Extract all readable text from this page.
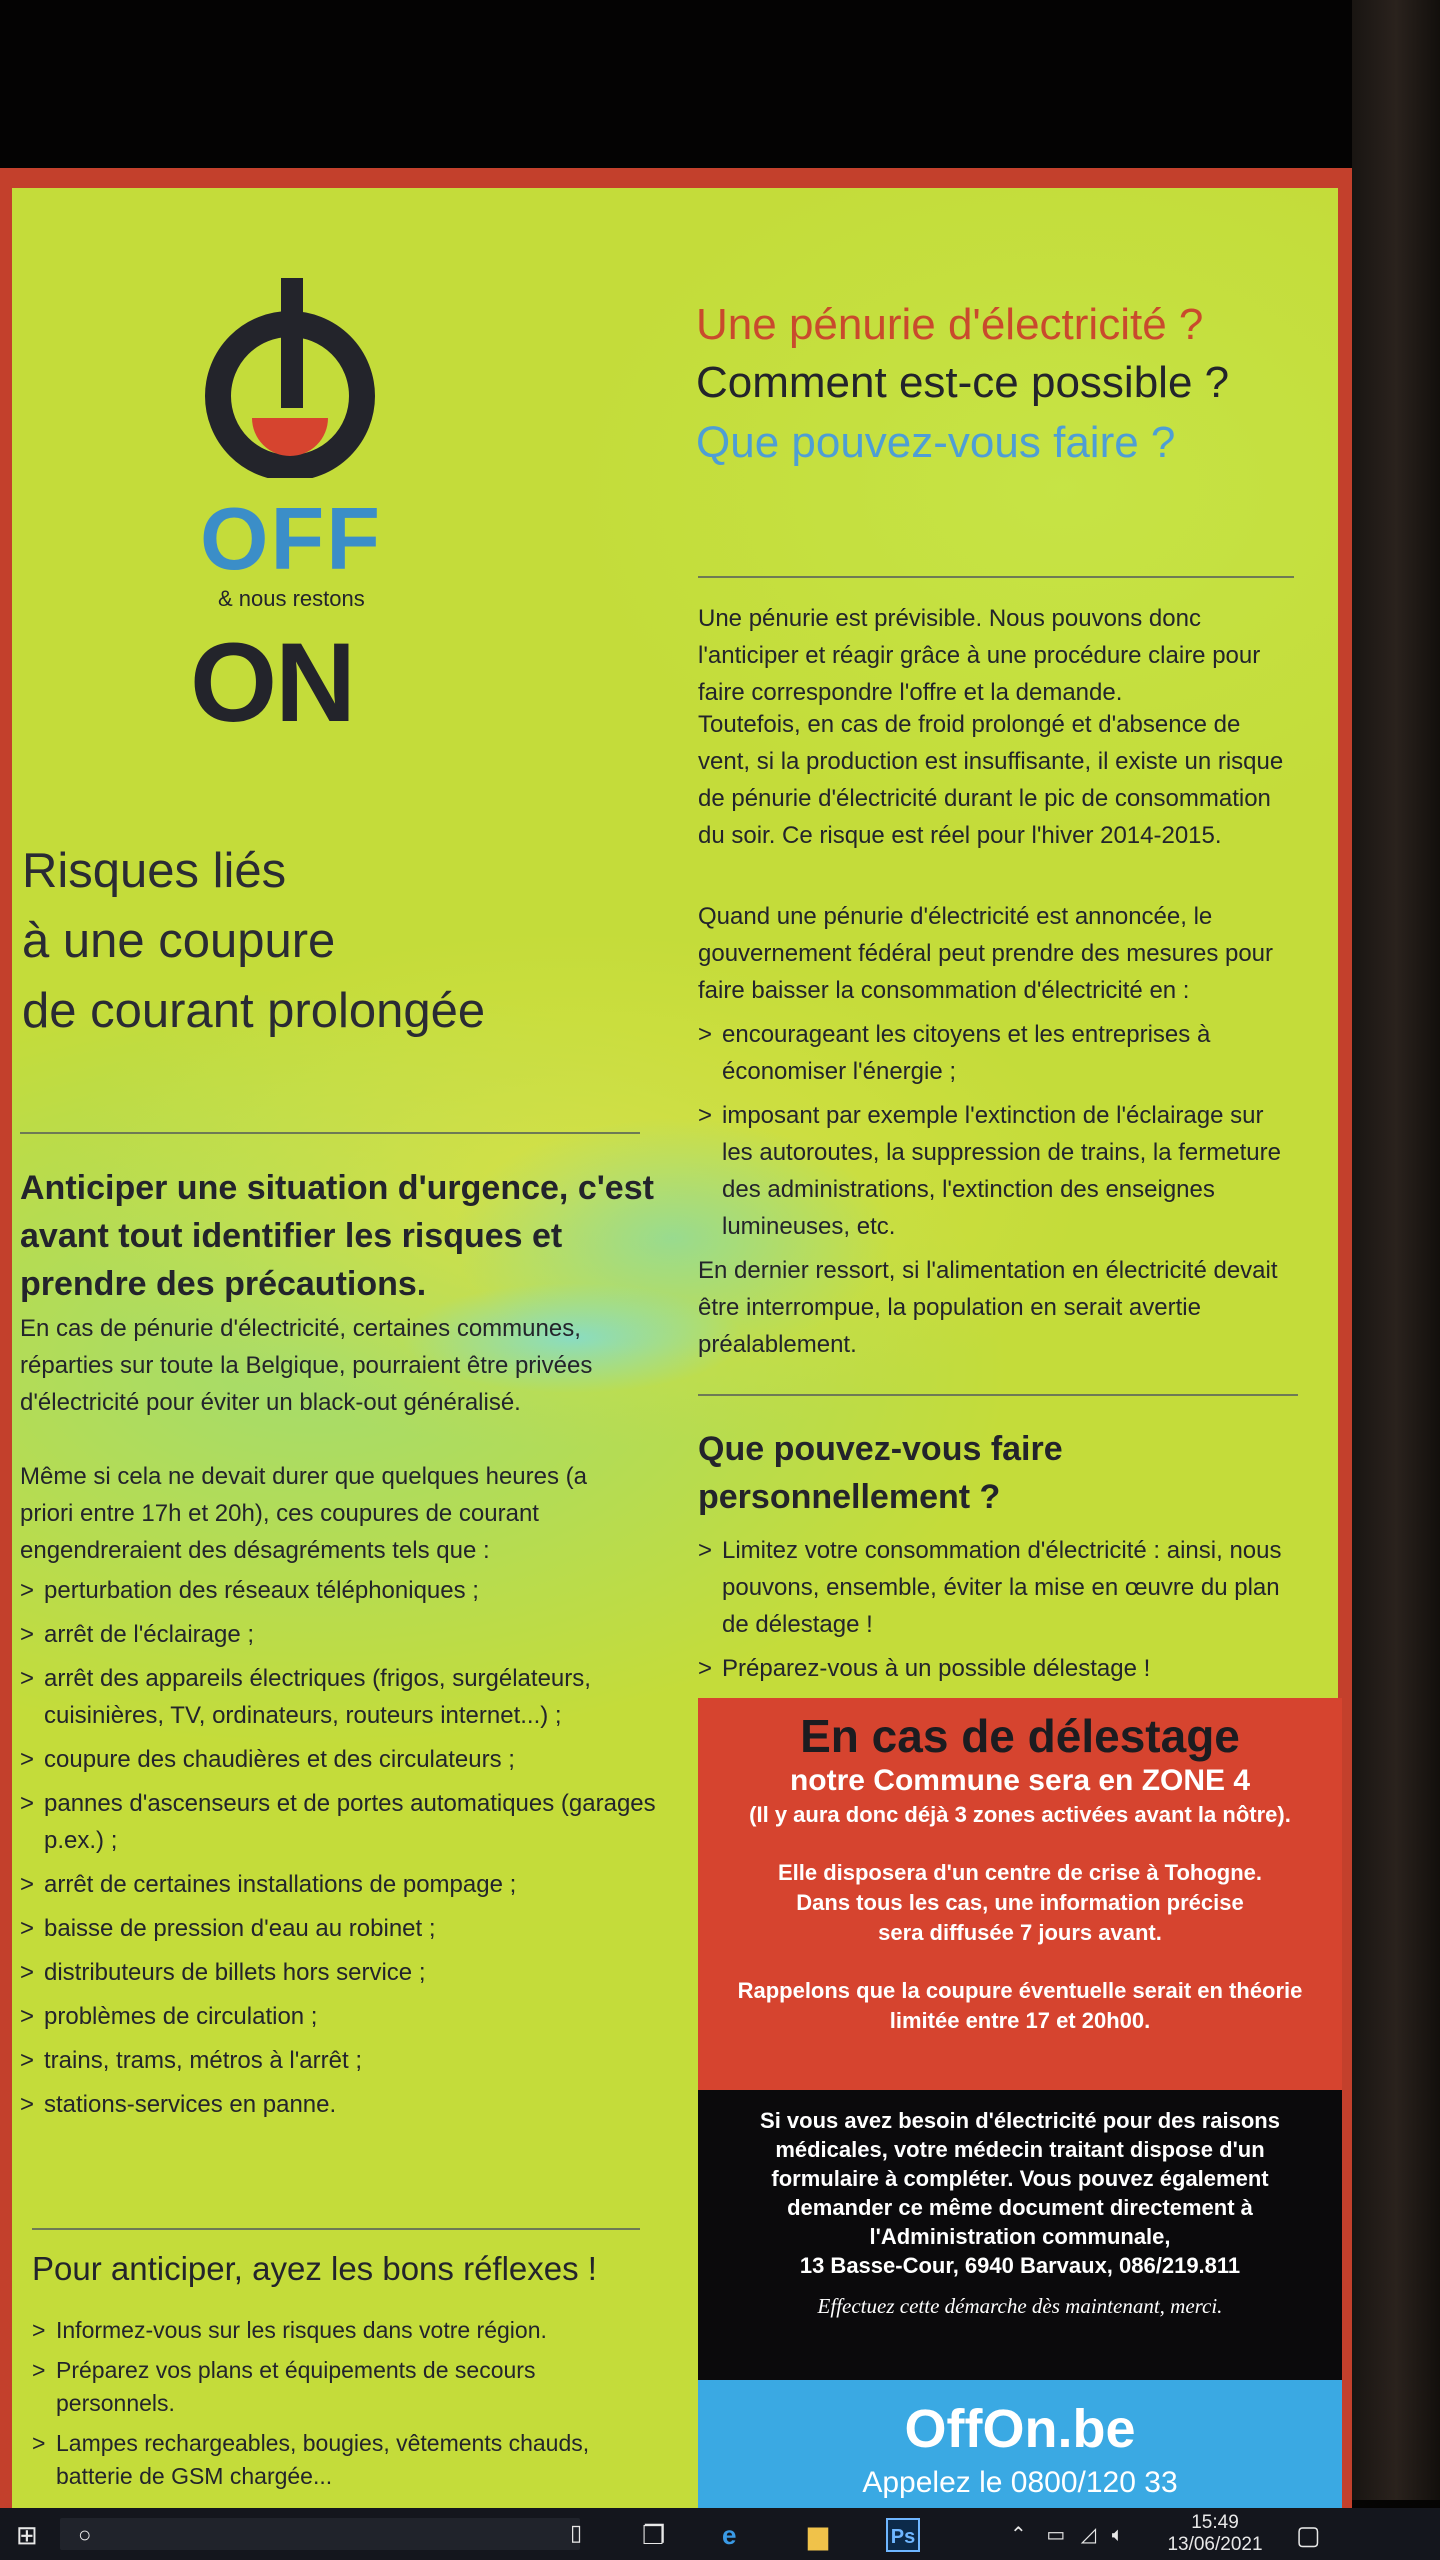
OFF
& nous restons
ON
Risques liés
à une coupure
de courant prolongée
Anticiper une situation d'urgence, c'est avant tout identifier les risques et prendre des précautions.
En cas de pénurie d'électricité, certaines communes, réparties sur toute la Belgique, pourraient être privées d'électricité pour éviter un black-out généralisé.
Même si cela ne devait durer que quelques heures (a priori entre 17h et 20h), ces coupures de courant engendreraient des désagréments tels que :
> perturbation des réseaux téléphoniques ;
> arrêt de l'éclairage ;
> arrêt des appareils électriques (frigos, surgélateurs, cuisinières, TV, ordinateurs, routeurs internet...) ;
> coupure des chaudières et des circulateurs ;
> pannes d'ascenseurs et de portes automatiques (garages p.ex.) ;
> arrêt de certaines installations de pompage ;
> baisse de pression d'eau au robinet ;
> distributeurs de billets hors service ;
> problèmes de circulation ;
> trains, trams, métros à l'arrêt ;
> stations-services en panne.
Pour anticiper, ayez les bons réflexes !
> Informez-vous sur les risques dans votre région.
> Préparez vos plans et équipements de secours personnels.
> Lampes rechargeables, bougies, vêtements chauds, batterie de GSM chargée...
Une pénurie d'électricité ?
Comment est-ce possible ?
Que pouvez-vous faire ?
Une pénurie est prévisible. Nous pouvons donc l'anticiper et réagir grâce à une procédure claire pour faire correspondre l'offre et la demande.
Toutefois, en cas de froid prolongé et d'absence de vent, si la production est insuffisante, il existe un risque de pénurie d'électricité durant le pic de consommation du soir. Ce risque est réel pour l'hiver 2014-2015.
Quand une pénurie d'électricité est annoncée, le gouvernement fédéral peut prendre des mesures pour faire baisser la consommation d'électricité en :
> encourageant les citoyens et les entreprises à économiser l'énergie ;
> imposant par exemple l'extinction de l'éclairage sur les autoroutes, la suppression de trains, la fermeture des administrations, l'extinction des enseignes lumineuses, etc.
En dernier ressort, si l'alimentation en électricité devait être interrompue, la population en serait avertie préalablement.
Que pouvez-vous faire personnellement ?
> Limitez votre consommation d'électricité : ainsi, nous pouvons, ensemble, éviter la mise en œuvre du plan de délestage !
> Préparez-vous à un possible délestage !
En cas de délestage
notre Commune sera en ZONE 4
(Il y aura donc déjà 3 zones activées avant la nôtre).
Elle disposera d'un centre de crise à Tohogne.
Dans tous les cas, une information précise
sera diffusée 7 jours avant.
Rappelons que la coupure éventuelle serait en théorie
limitée entre 17 et 20h00.
Si vous avez besoin d'électricité pour des raisons
médicales, votre médecin traitant dispose d'un
formulaire à compléter. Vous pouvez également
demander ce même document directement à
l'Administration communale,
13 Basse-Cour, 6940 Barvaux, 086/219.811
Effectuez cette démarche dès maintenant, merci.
OffOn.be
Appelez le 0800/120 33
⊞ ○	▯ ❐ e	▆	Ps	⌃ ▭ ◿ 🔈︎
15:49
13/06/2021 ▢
